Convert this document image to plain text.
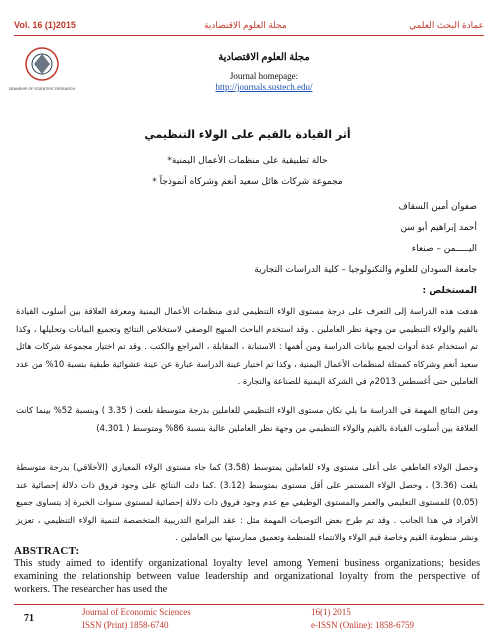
Vol. 16 (1)2015	مجلة العلوم الاقتصادية	عمادة البحث العلمي
DEANSHIP OF SCIENTIFIC RESEARCH
مجلة العلوم الاقتصادية
Journal homepage:
http://journals.sustech.edu/
أثر القيادة بالقيم على الولاء التنظيمي
حالة تطبيقية على منظمات الأعمال اليمنية*
مجموعة شركات هائل سعيد أنعم وشركاه أنموذجاً *
صفوان أمين السقاف
أحمد إبراهيم أبو سن
اليـــــمن – صنعاء
جامعة السودان للعلوم والتكنولوجيا – كلية الدراسات التجارية
المستخلص :
هدفت هذه الدراسة إلى التعرف على درجة مستوى الولاء التنظيمي لدى منظمات الأعمال اليمنية ومعرفة العلاقة بين أسلوب القيادة بالقيم والولاء التنظيمي من وجهة نظر العاملين . وقد استخدم الباحث المنهج الوصفي لاستخلاص النتائج وتجميع البيانات وتحليلها ، وكذا تم استخدام عدة أدوات لجمع بيانات الدراسة ومن أهمها : الاستبانة ، المقابلة ، المراجع والكتب . وقد تم اختيار مجموعة شركات هائل سعيد أنعم وشركاه كممثلة لمنظمات الأعمال اليمنية ، وكذا تم اختيار عينة الدراسة عبارة عن عينة عشوائية طبقية بنسبة 10% من عدد العاملين حتى أغسطس 2013م في الشركة اليمنية للصناعة والتجارة .
ومن النتائج المهمة في الدراسة ما يلي نكان مستوى الولاء التنظيمي للعاملين بدرجة متوسطة بلغت ( 3.35 ) وبنسبة 52% بينما كانت العلاقة بين أسلوب القيادة بالقيم والولاء التنظيمي من وجهة نظر العاملين عالية بنسبة 86% ومتوسط ( 4.301)
وحصل الولاء العاطفي على أعلى مستوى ولاء للعاملين بمتوسط (3.58) كما جاء مستوى الولاء المعياري (الأخلاقي) بدرجة متوسطة بلغت (3.36) ، وحصل الولاء المستمر على أقل مستوى بمتوسط (3.12) .كما دلت النتائج على وجود فروق ذات دلالة إحصائية عند (0.05) للمستوى التعليمي والعمر والمستوى الوظيفي مع عدم وجود فروق ذات دلالة إحصائية لمستوى سنوات الخبرة إذ يتساوى جميع الأفراد في هذا الجانب . وقد تم طرح بعض التوصيات المهمة مثل : عقد البرامج التدريبية المتخصصة لتنمية الولاء التنظيمي ، تعزيز ونشر منظومة القيم وخاصة قيم الولاء والانتماء للمنظمة وتعميق ممارستها بين العاملين .
ABSTRACT:
This study aimed to identify organizational loyalty level among Yemeni business organizations; besides examining the relationship between value leadership and organizational loyalty from the perspective of workers. The researcher has used the
71
Journal of Economic Sciences
ISSN (Print) 1858-6740
16(1) 2015
e-ISSN (Online): 1858-6759
